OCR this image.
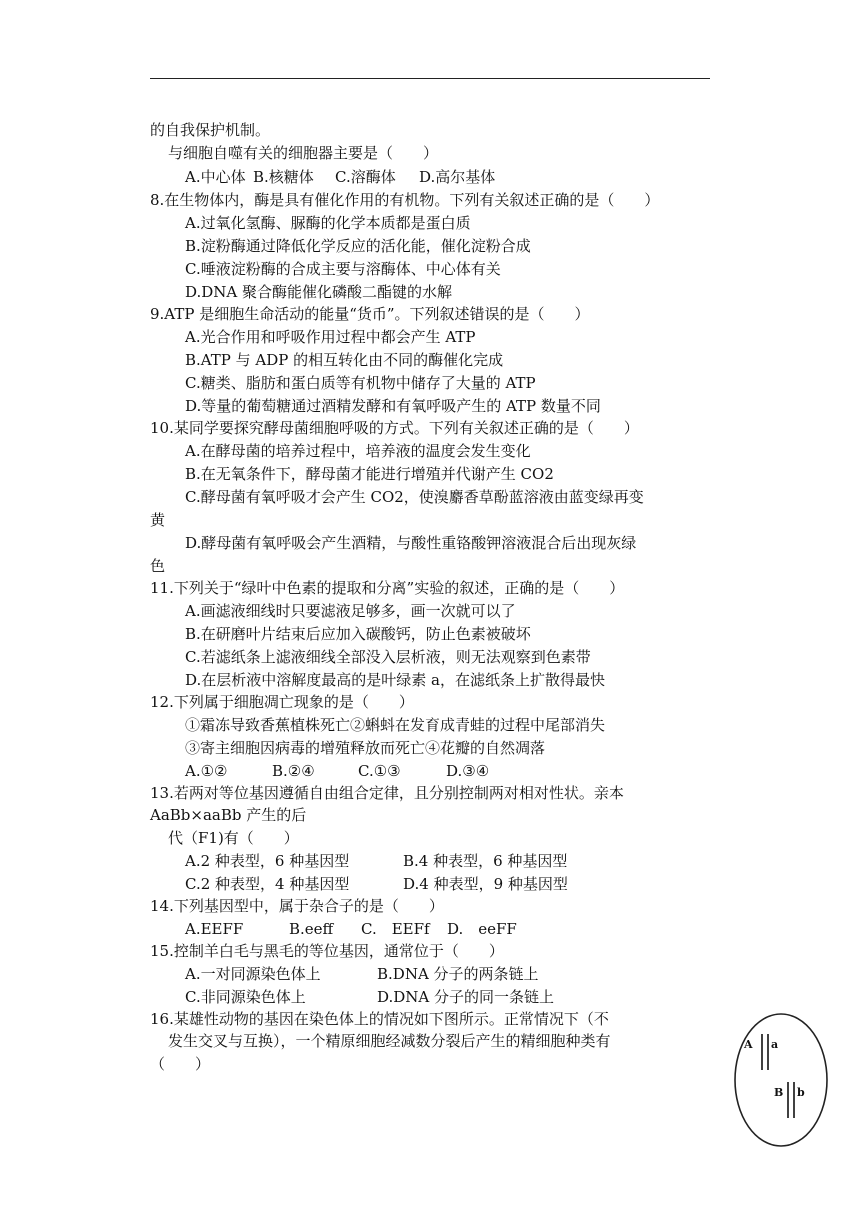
的自我保护机制。
与细胞自噬有关的细胞器主要是（　　）
A.中心体 B.核糖体 C.溶酶体 D.高尔基体
8.在生物体内，酶是具有催化作用的有机物。下列有关叙述正确的是（　　）
A.过氧化氢酶、脲酶的化学本质都是蛋白质
B.淀粉酶通过降低化学反应的活化能，催化淀粉合成
C.唾液淀粉酶的合成主要与溶酶体、中心体有关
D.DNA 聚合酶能催化磷酸二酯键的水解
9.ATP 是细胞生命活动的能量“货币”。下列叙述错误的是（　　）
A.光合作用和呼吸作用过程中都会产生 ATP
B.ATP 与 ADP 的相互转化由不同的酶催化完成
C.糖类、脂肪和蛋白质等有机物中储存了大量的 ATP
D.等量的葡萄糖通过酒精发酵和有氧呼吸产生的 ATP 数量不同
10.某同学要探究酵母菌细胞呼吸的方式。下列有关叙述正确的是（　　）
A.在酵母菌的培养过程中，培养液的温度会发生变化
B.在无氧条件下，酵母菌才能进行增殖并代谢产生 CO2
C.酵母菌有氧呼吸才会产生 CO2，使溴麝香草酚蓝溶液由蓝变绿再变
黄
D.酵母菌有氧呼吸会产生酒精，与酸性重铬酸钾溶液混合后出现灰绿
色
11.下列关于“绿叶中色素的提取和分离”实验的叙述，正确的是（　　）
A.画滤液细线时只要滤液足够多，画一次就可以了
B.在研磨叶片结束后应加入碳酸钙，防止色素被破坏
C.若滤纸条上滤液细线全部没入层析液，则无法观察到色素带
D.在层析液中溶解度最高的是叶绿素 a，在滤纸条上扩散得最快
12.下列属于细胞凋亡现象的是（　　）
①霜冻导致香蕉植株死亡②蝌蚪在发育成青蛙的过程中尾部消失
③寄主细胞因病毒的增殖释放而死亡④花瓣的自然凋落
A.①②	B.②④	C.①③	D.③④
13.若两对等位基因遵循自由组合定律，且分别控制两对相对性状。亲本
AaBb×aaBb 产生的后
代（F1)有（　　）
A.2 种表型，6 种基因型	B.4 种表型，6 种基因型
C.2 种表型，4 种基因型	D.4 种表型，9 种基因型
14.下列基因型中，属于杂合子的是（　　）
A.EEFF	B.eeff C.　EEFf D.　eeFF
15.控制羊白毛与黑毛的等位基因，通常位于（　　）
A.一对同源染色体上	B.DNA 分子的两条链上
C.非同源染色体上	D.DNA 分子的同一条链上
16.某雄性动物的基因在染色体上的情况如下图所示。正常情况下（不
发生交叉与互换），一个精原细胞经减数分裂后产生的精细胞种类有
（　　）
A a
B b
